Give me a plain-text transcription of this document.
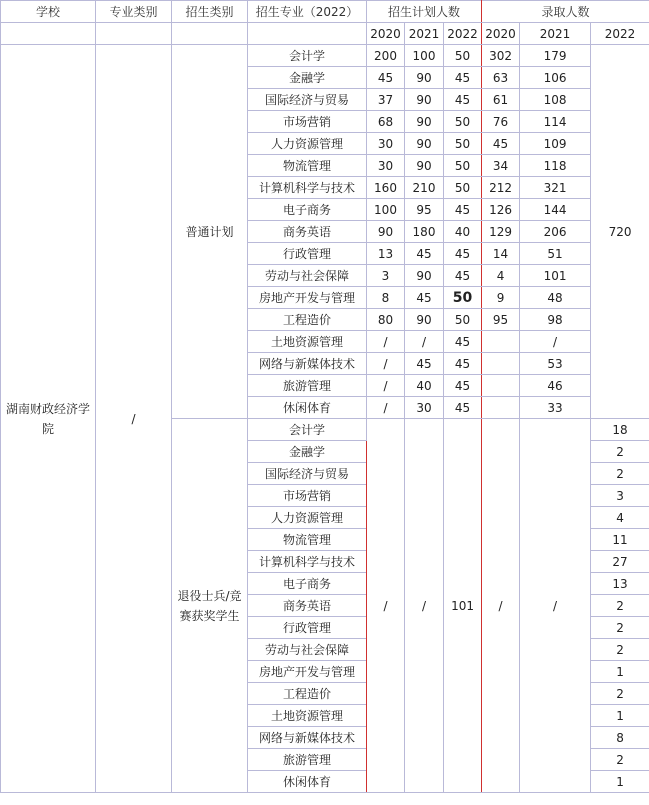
学校	专业类别	招生类别	招生专业（2022）	招生计划人数			录取人数		
				2020	2021	2022	2020	2021	2022
湖南财政经济学院	/	普通计划	会计学	200	100	50	302	179	720
			金融学	45	90	45	63	106	
			国际经济与贸易	37	90	45	61	108	
			市场营销	68	90	50	76	114	
			人力资源管理	30	90	50	45	109	
			物流管理	30	90	50	34	118	
			计算机科学与技术	160	210	50	212	321	
			电子商务	100	95	45	126	144	
			商务英语	90	180	40	129	206	
			行政管理	13	45	45	14	51	
			劳动与社会保障	3	90	45	4	101	
			房地产开发与管理	8	45	50	9	48	
			工程造价	80	90	50	95	98	
			土地资源管理	/	/	45		/	
			网络与新媒体技术	/	45	45		53	
			旅游管理	/	40	45		46	
			休闲体育	/	30	45		33	
		退役士兵/竞赛获奖学生	会计学	/	/	101	/	/	18
			金融学						2
			国际经济与贸易						2
			市场营销						3
			人力资源管理						4
			物流管理						11
			计算机科学与技术						27
			电子商务						13
			商务英语						2
			行政管理						2
			劳动与社会保障						2
			房地产开发与管理						1
			工程造价						2
			土地资源管理						1
			网络与新媒体技术						8
			旅游管理						2
			休闲体育						1
